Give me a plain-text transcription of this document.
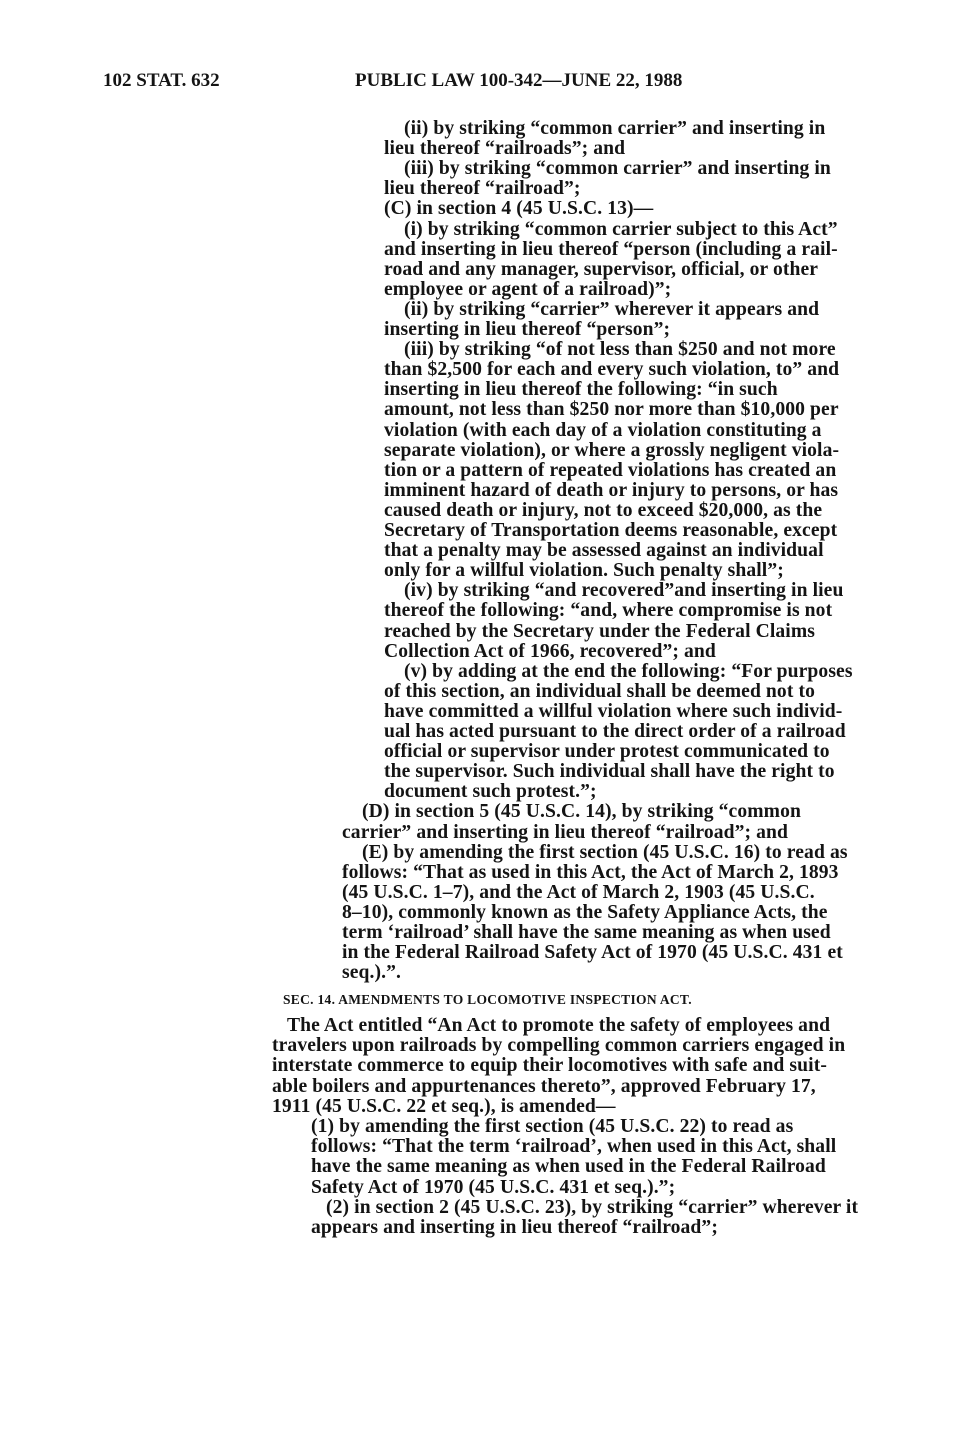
102 STAT. 632	PUBLIC LAW 100-342—JUNE 22, 1988
(ii) by striking “common carrier” and inserting in
lieu thereof “railroads”; and
(iii) by striking “common carrier” and inserting in
lieu thereof “railroad”;
(C) in section 4 (45 U.S.C. 13)—
(i) by striking “common carrier subject to this Act”
and inserting in lieu thereof “person (including a rail-
road and any manager, supervisor, official, or other
employee or agent of a railroad)”;
(ii) by striking “carrier” wherever it appears and
inserting in lieu thereof “person”;
(iii) by striking “of not less than $250 and not more
than $2,500 for each and every such violation, to” and
inserting in lieu thereof the following: “in such
amount, not less than $250 nor more than $10,000 per
violation (with each day of a violation constituting a
separate violation), or where a grossly negligent viola-
tion or a pattern of repeated violations has created an
imminent hazard of death or injury to persons, or has
caused death or injury, not to exceed $20,000, as the
Secretary of Transportation deems reasonable, except
that a penalty may be assessed against an individual
only for a willful violation. Such penalty shall”;
(iv) by striking “and recovered”and inserting in lieu
thereof the following: “and, where compromise is not
reached by the Secretary under the Federal Claims
Collection Act of 1966, recovered”; and
(v) by adding at the end the following: “For purposes
of this section, an individual shall be deemed not to
have committed a willful violation where such individ-
ual has acted pursuant to the direct order of a railroad
official or supervisor under protest communicated to
the supervisor. Such individual shall have the right to
document such protest.”;
(D) in section 5 (45 U.S.C. 14), by striking “common
carrier” and inserting in lieu thereof “railroad”; and
(E) by amending the first section (45 U.S.C. 16) to read as
follows: “That as used in this Act, the Act of March 2, 1893
(45 U.S.C. 1–7), and the Act of March 2, 1903 (45 U.S.C.
8–10), commonly known as the Safety Appliance Acts, the
term ‘railroad’ shall have the same meaning as when used
in the Federal Railroad Safety Act of 1970 (45 U.S.C. 431 et
seq.).”.
SEC. 14. AMENDMENTS TO LOCOMOTIVE INSPECTION ACT.
The Act entitled “An Act to promote the safety of employees and
travelers upon railroads by compelling common carriers engaged in
interstate commerce to equip their locomotives with safe and suit-
able boilers and appurtenances thereto”, approved February 17,
1911 (45 U.S.C. 22 et seq.), is amended—
(1) by amending the first section (45 U.S.C. 22) to read as
follows: “That the term ‘railroad’, when used in this Act, shall
have the same meaning as when used in the Federal Railroad
Safety Act of 1970 (45 U.S.C. 431 et seq.).”;
(2) in section 2 (45 U.S.C. 23), by striking “carrier” wherever it
appears and inserting in lieu thereof “railroad”;
